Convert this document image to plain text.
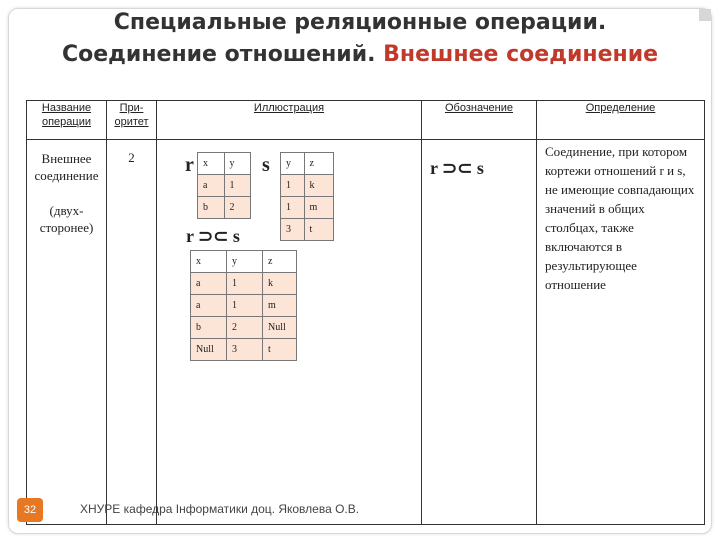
Специальные реляционные операции.
Соединение отношений. Внешнее соединение
Название операции	При-оритет	Иллюстрация	Обозначение	Определение

Внешнее
соединение
(двух-
сторонее)	2			Соединение, при котором кортежи отношений r и s, не имеющие совпадающих значений в общих столбцах, также включаются в результирующее отношение
r	s
x	y
a	1
b	2
y	z
1	k
1	m
3	t
r ⊃⊂ s
x	y	z
a	1	k
a	1	m
b	2	Null
Null	3	t
r ⊃⊂ s
32	ХНУРЕ кафедра Інформатики доц. Яковлева О.В.
